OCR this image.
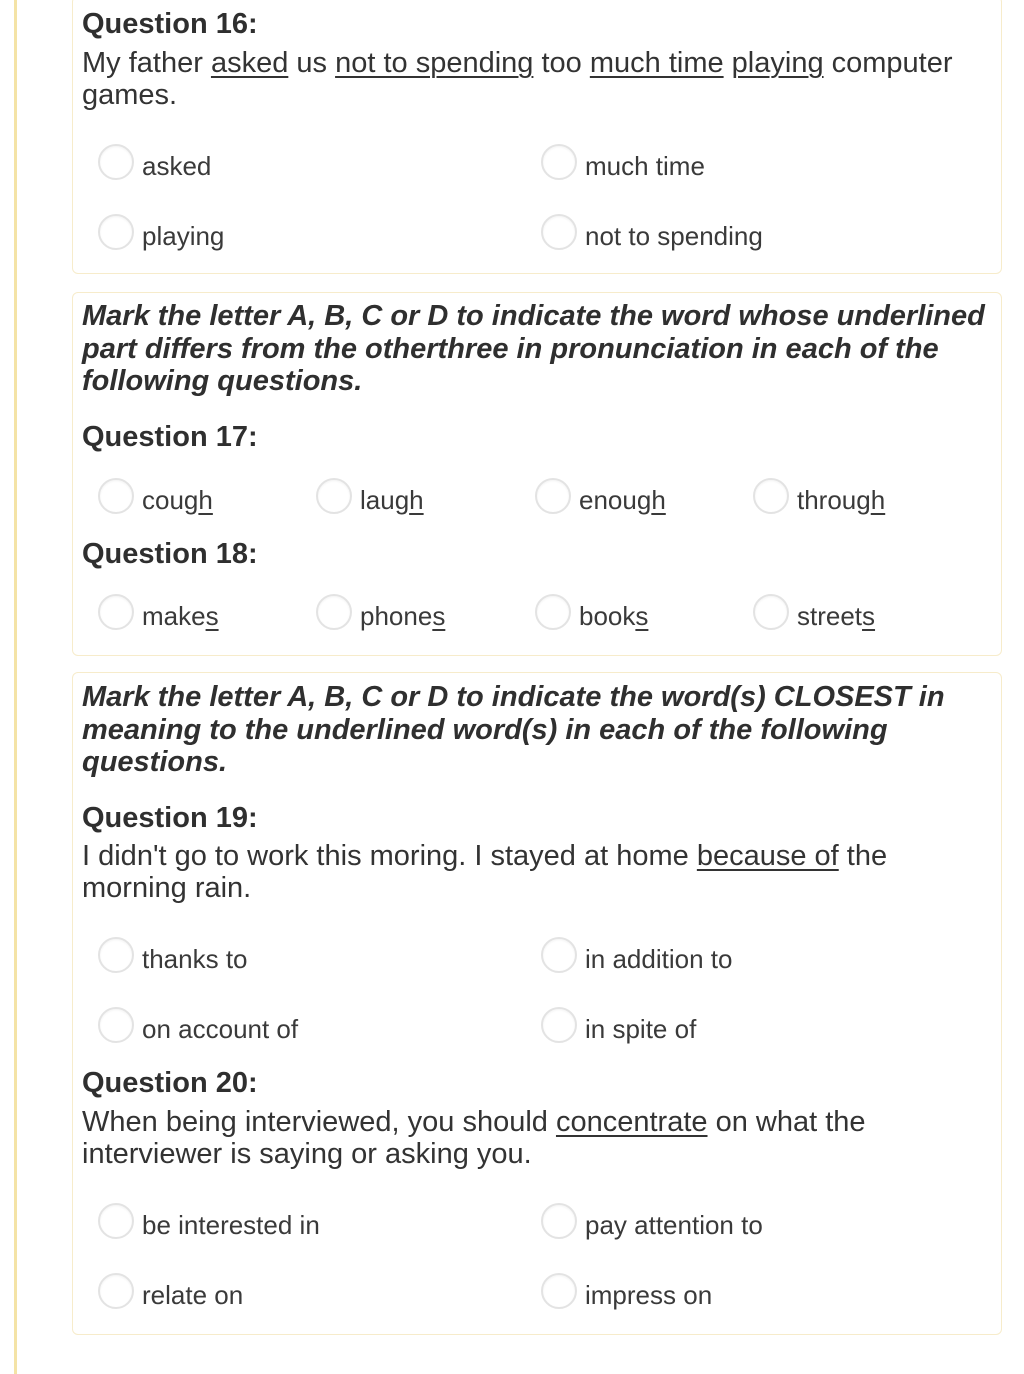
Question 16:
My father asked us not to spending too much time playing computer games.
asked	much time
playing	not to spending
Mark the letter A, B, C or D to indicate the word whose underlined part differs from the otherthree in pronunciation in each of the following questions.
Question 17:
cough	laugh	enough	through
Question 18:
makes	phones	books	streets
Mark the letter A, B, C or D to indicate the word(s) CLOSEST in meaning to the underlined word(s) in each of the following questions.
Question 19:
I didn't go to work this moring. I stayed at home because of the morning rain.
thanks to	in addition to
on account of	in spite of
Question 20:
When being interviewed, you should concentrate on what the interviewer is saying or asking you.
be interested in	pay attention to
relate on	impress on
